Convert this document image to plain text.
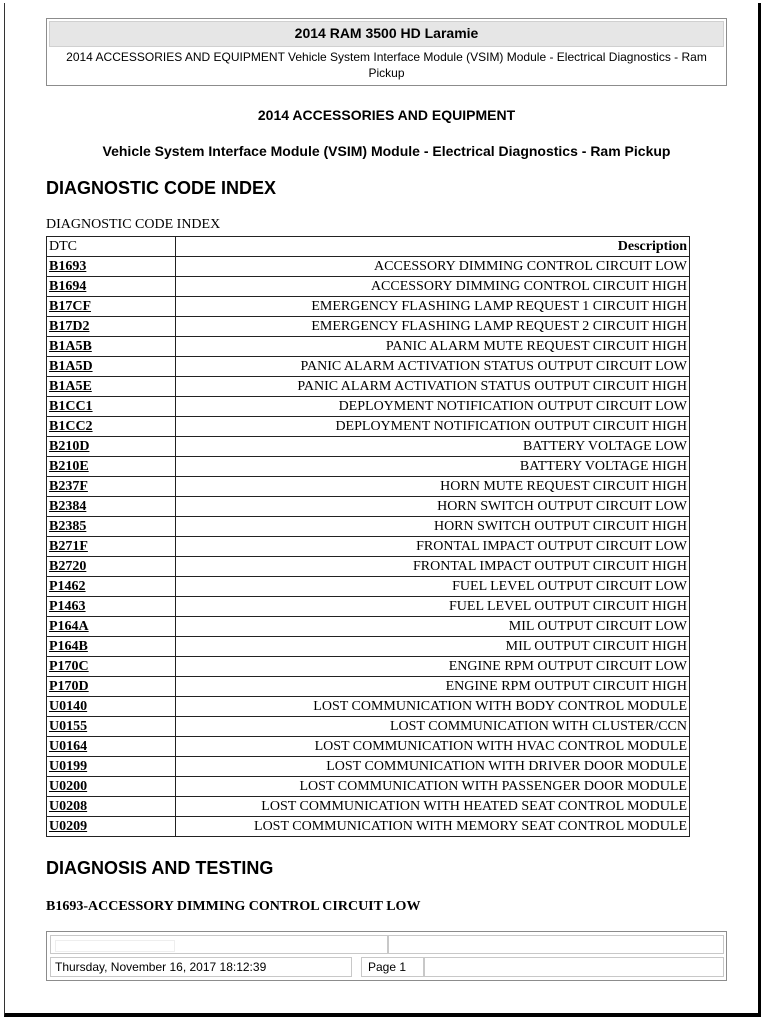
2014 RAM 3500 HD Laramie
2014 ACCESSORIES AND EQUIPMENT Vehicle System Interface Module (VSIM) Module - Electrical Diagnostics - Ram Pickup
2014 ACCESSORIES AND EQUIPMENT
Vehicle System Interface Module (VSIM) Module - Electrical Diagnostics - Ram Pickup
DIAGNOSTIC CODE INDEX
DIAGNOSTIC CODE INDEX
DTC	Description
B1693	ACCESSORY DIMMING CONTROL CIRCUIT LOW
B1694	ACCESSORY DIMMING CONTROL CIRCUIT HIGH
B17CF	EMERGENCY FLASHING LAMP REQUEST 1 CIRCUIT HIGH
B17D2	EMERGENCY FLASHING LAMP REQUEST 2 CIRCUIT HIGH
B1A5B	PANIC ALARM MUTE REQUEST CIRCUIT HIGH
B1A5D	PANIC ALARM ACTIVATION STATUS OUTPUT CIRCUIT LOW
B1A5E	PANIC ALARM ACTIVATION STATUS OUTPUT CIRCUIT HIGH
B1CC1	DEPLOYMENT NOTIFICATION OUTPUT CIRCUIT LOW
B1CC2	DEPLOYMENT NOTIFICATION OUTPUT CIRCUIT HIGH
B210D	BATTERY VOLTAGE LOW
B210E	BATTERY VOLTAGE HIGH
B237F	HORN MUTE REQUEST CIRCUIT HIGH
B2384	HORN SWITCH OUTPUT CIRCUIT LOW
B2385	HORN SWITCH OUTPUT CIRCUIT HIGH
B271F	FRONTAL IMPACT OUTPUT CIRCUIT LOW
B2720	FRONTAL IMPACT OUTPUT CIRCUIT HIGH
P1462	FUEL LEVEL OUTPUT CIRCUIT LOW
P1463	FUEL LEVEL OUTPUT CIRCUIT HIGH
P164A	MIL OUTPUT CIRCUIT LOW
P164B	MIL OUTPUT CIRCUIT HIGH
P170C	ENGINE RPM OUTPUT CIRCUIT LOW
P170D	ENGINE RPM OUTPUT CIRCUIT HIGH
U0140	LOST COMMUNICATION WITH BODY CONTROL MODULE
U0155	LOST COMMUNICATION WITH CLUSTER/CCN
U0164	LOST COMMUNICATION WITH HVAC CONTROL MODULE
U0199	LOST COMMUNICATION WITH DRIVER DOOR MODULE
U0200	LOST COMMUNICATION WITH PASSENGER DOOR MODULE
U0208	LOST COMMUNICATION WITH HEATED SEAT CONTROL MODULE
U0209	LOST COMMUNICATION WITH MEMORY SEAT CONTROL MODULE
DIAGNOSIS AND TESTING
B1693-ACCESSORY DIMMING CONTROL CIRCUIT LOW
Thursday, November 16, 2017 18:12:39	Page 1
